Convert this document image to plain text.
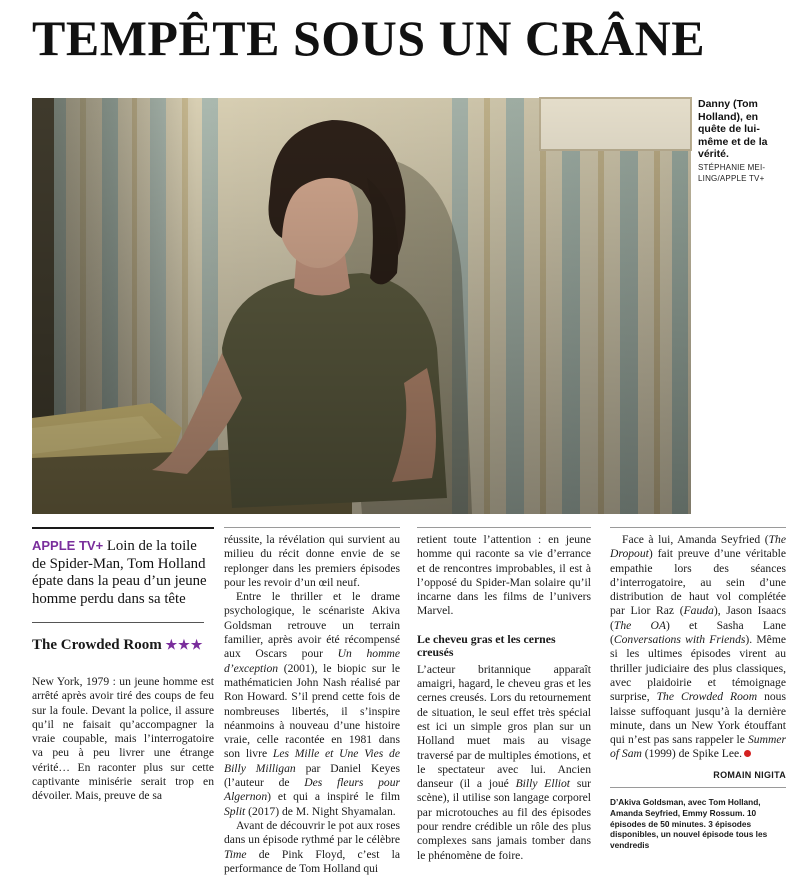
TEMPÊTE SOUS UN CRÂNE
Danny (Tom Holland), en quête de lui-même et de la vérité.
STÉPHANIE MEI-LING/APPLE TV+
APPLE TV+ Loin de la toile de Spider-Man, Tom Holland épate dans la peau d’un jeune homme perdu dans sa tête
The Crowded Room ★★★

New York, 1979 : un jeune homme est arrêté après avoir tiré des coups de feu sur la foule. Devant la police, il assure qu’il ne faisait qu’accompagner la vraie coupable, mais l’interrogatoire va peu à peu livrer une étrange vérité… En raconter plus sur cette captivante minisérie serait trop en dévoiler. Mais, preuve de sa

réussite, la révélation qui survient au milieu du récit donne envie de se replonger dans les premiers épisodes pour les revoir d’un œil neuf.

Entre le thriller et le drame psychologique, le scénariste Akiva Goldsman retrouve un terrain familier, après avoir été récompensé aux Oscars pour Un homme d’exception (2001), le biopic sur le mathématicien John Nash réalisé par Ron Howard. S’il prend cette fois de nombreuses libertés, il s’inspire néanmoins à nouveau d’une histoire vraie, celle racontée en 1981 dans son livre Les Mille et Une Vies de Billy Milligan par Daniel Keyes (l’auteur de Des fleurs pour Algernon) et qui a inspiré le film Split (2017) de M. Night Shyamalan.

Avant de découvrir le pot aux roses dans un épisode rythmé par le célèbre Time de Pink Floyd, c’est la performance de Tom Holland qui

retient toute l’attention : en jeune homme qui raconte sa vie d’errance et de rencontres improbables, il est à l’opposé du Spider-Man solaire qu’il incarne dans les films de l’univers Marvel.

Le cheveu gras et les cernes creusés

L’acteur britannique apparaît amaigri, hagard, le cheveu gras et les cernes creusés. Lors du retournement de situation, le seul effet très spécial est ici un simple gros plan sur un Holland muet mais au visage traversé par de multiples émotions, et le spectateur avec lui. Ancien danseur (il a joué Billy Elliot sur scène), il utilise son langage corporel par microtouches au fil des épisodes pour rendre crédible un rôle des plus complexes sans jamais tomber dans le phénomène de foire.

Face à lui, Amanda Seyfried (The Dropout) fait preuve d’une véritable empathie lors des séances d’interrogatoire, au sein d’une distribution de haut vol complétée par Lior Raz (Fauda), Jason Isaacs (The OA) et Sasha Lane (Conversations with Friends). Même si les ultimes épisodes virent au thriller judiciaire des plus classiques, avec plaidoirie et témoignage surprise, The Crowded Room nous laisse suffoquant jusqu’à la dernière minute, dans un New York étouffant qui n’est pas sans rappeler le Summer of Sam (1999) de Spike Lee.

ROMAIN NIGITA
D’Akiva Goldsman, avec Tom Holland, Amanda Seyfried, Emmy Rossum. 10 épisodes de 50 minutes. 3 épisodes disponibles, un nouvel épisode tous les vendredis
